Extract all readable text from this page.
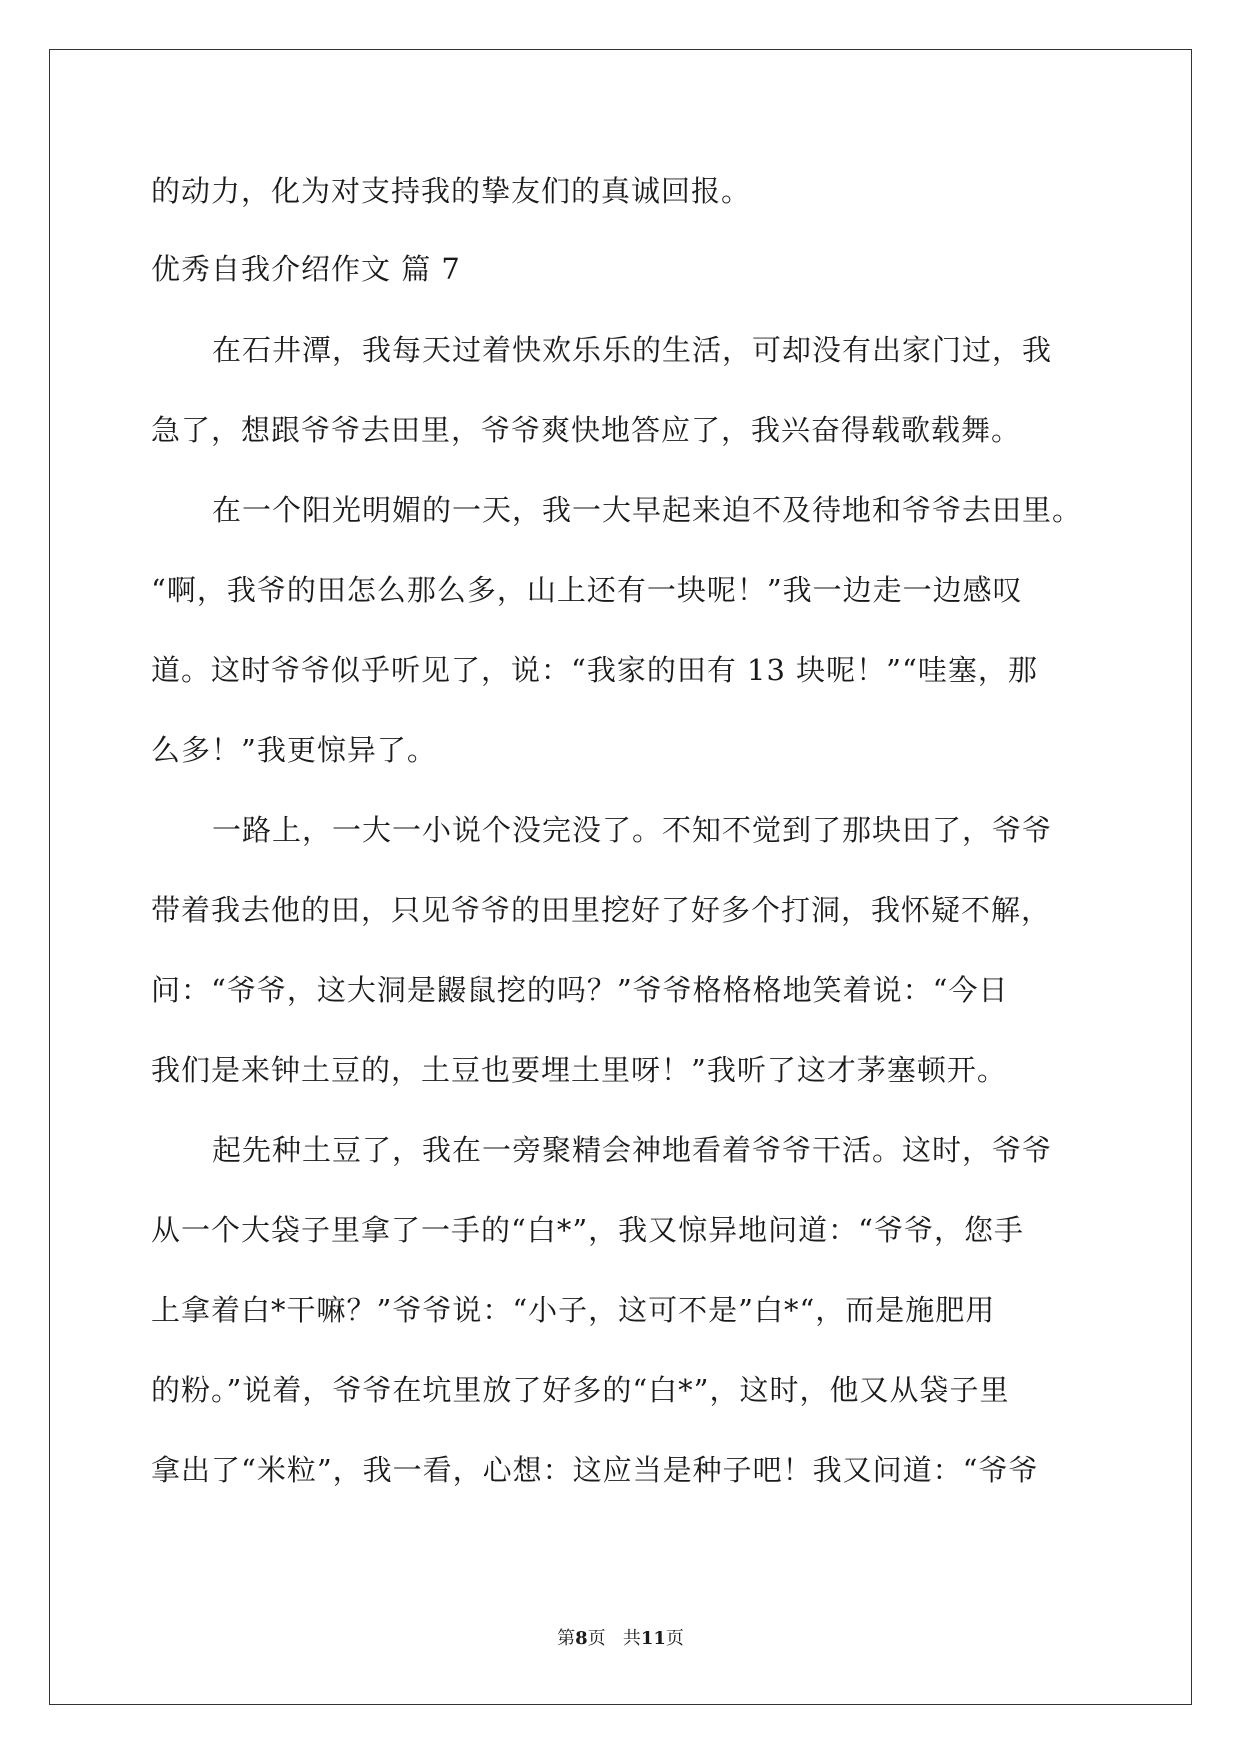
的动力，化为对支持我的挚友们的真诚回报。
优秀自我介绍作文 篇 7
在石井潭，我每天过着快欢乐乐的生活，可却没有出家门过，我
急了，想跟爷爷去田里，爷爷爽快地答应了，我兴奋得载歌载舞。
在一个阳光明媚的一天，我一大早起来迫不及待地和爷爷去田里。
“啊，我爷的田怎么那么多，山上还有一块呢！”我一边走一边感叹
道。这时爷爷似乎听见了，说：“我家的田有 13 块呢！”“哇塞，那
么多！”我更惊异了。
一路上，一大一小说个没完没了。不知不觉到了那块田了，爷爷
带着我去他的田，只见爷爷的田里挖好了好多个打洞，我怀疑不解，
问：“爷爷，这大洞是鼹鼠挖的吗？”爷爷格格格地笑着说：“今日
我们是来钟土豆的，土豆也要埋土里呀！”我听了这才茅塞顿开。
起先种土豆了，我在一旁聚精会神地看着爷爷干活。这时，爷爷
从一个大袋子里拿了一手的“白*”，我又惊异地问道：“爷爷，您手
上拿着白*干嘛？”爷爷说：“小子，这可不是”白*“，而是施肥用
的粉。”说着，爷爷在坑里放了好多的“白*”，这时，他又从袋子里
拿出了“米粒”，我一看，心想：这应当是种子吧！我又问道：“爷爷
第8页 共11页
